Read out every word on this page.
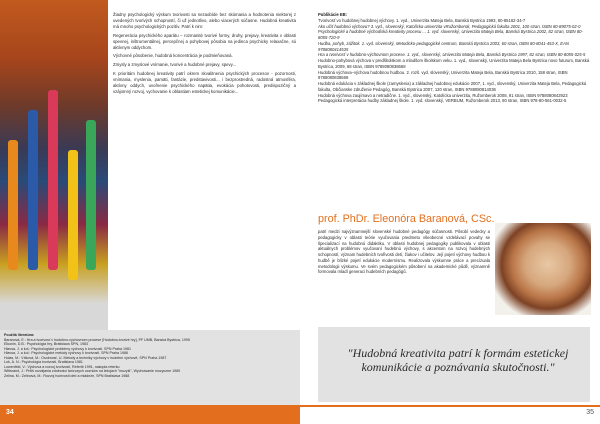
Žiadny psychologický výskum tvorivosti sa nezaobíde bez skúmania a hodnotenia niektorej z uvedených tvorivých schopností, či už jednotlivo, alebo viacerých súčasne. Hudobná kreativita má mnoho psychologických pozitív. Patrí k nim:

Regenerácia psychického aparátu – rozmanité tvorivé formy, druhy, prejavy, kreativita v oblasti spevnej, inštrumentálnej, percepčnej a pohybovej pôsobia na jedinca psychicky relaxačne, sú aktívnym oddychom.

Výchovné pôsobenie, hudobná koncentrácia je podmieňovaná.

Zmysly a zmyslové vnímanie, tvorivé a hudobné prejavy, spevy...

K prioritám hudobnej kreativity patrí okrem skvalitnenia psychických procesov - pozornosti, vnímania, myslenia, pamäti, fantázie, predstavivosti... i bezprostredná, radostná atmosféra, aktívny oddych, uvoľnenie psychického napätia, evokácia pohotovosti, predispozičný a vzájomný rozvoj, vychovanie k oblastiam estetickej komunikácie...

Použitá literatúra:
Baranová, E.: Hra a tvorivosť v hudobno-výchovnom procese [Hudobno-tvorivé hry], PF UMB, Banská Bystrica, 1995
Elkonin, D.B.: Psychológia hry, Bratislava SPN, 1983
Hlavsa, J. a kol.: Psychologické problémy výchovy k tvorivosti. SPN Praha 1981
Hlavsa, J. a kol.: Psychologické metódy výchovy k tvorivosti. SPN Praha 1986
Holas, M.: Vítková, M.: Osobnosť, U. Metody a techniky výchovy v hudební výchově, SPN Praha 1987
Luk, A. N.: Psychológia tvorivosti, Bratislava 1981
Lowenfeld, V.: Výchova a rozvoj tvorivosti, Refertir 1991, nakopla reterku
Wittsrand, J.: Príliš rozwijania zdolności twórczych uczniów na lekcjach "muzyki", Wychowanie muzyczne 1989
Zelina, M.: Zelinová, M.: Rozvoj tvorivosti detí a mládeže, SPN Bratislava 1988
Publikácie EB:

Tvorivosť vo hudobnej hudobnej výchovy. 1. vyd., Univerzita Mateja Bela, Banská Bystrica 1993, 80-85162-34-7

Ako učiť hudobnú výchovu? 3. vyd., slovenský, Katolícka univerzita vRužomberok, Pedagogická fakulta 2001, 100 stran, ISBN 80-89075-02-0

Psychologické a hudobné východiská kreativity procesu ... 1. vyd. slovenský, Univerzita Mateja Bela, Banská Bystrica 2002, 82 stran, ISBN 80-8055-720-9

Hudba, pohyb, zážitok. 1. vyd. slovenský, Metodicko-pedagogické centrum, Banská Bystrica 2003, 60 stran, ISBN 80-8041-453-X, EAN 9788080414535

Hra a tvorivosť v hudobno-výchovnom procese. 1. vyd., slovenský, Univerzita Mateja Bela, Banská Bystrica 1997, 82 stran, ISBN 80-8055-025-5

Hudobno-pohybová výchova v predškolskom a mladšom školskom veku. 1. vyd., slovenský, Univerzita Mateja Bela Bystrica novo futurum, Banská Bystrica, 2009, 68 stran, ISBN 9788080838668

Hudobná výchova–výchova hudobnou hudbou. 2. rozš. vyd. slovenský, Univerzita Mateja Bela, Banská Bystrica 2010, 158 stran, ISBN 9788080838669

Hudobná edukácia v základnej škole (zamyslenia) a základnej hudobnej edukácie 2007, 1. vyd., slovenský, Univerzita Mateja Bela, Pedagogická fakulta, Občianske združenie Pedagóg, Banská Bystrica 2007, 120 stran, ISBN 9788080814036

Hudobná výchova zaujímavo a netradične. 1. vyd., slovenský, Katolícka univerzita, Ružomberok 2008, 91 stran, ISBN 9788080842923

Pedagogická interpretácia hudby základnej škole. 1. vyd. slovenský, VERBUM, Ružomberok 2013, 80 stran, ISBN 978-80-561-0032-5

prof. PhDr. Eleonóra Baranová, CSc.
patrí medzi najvýznamnejší slovenské hudobné pedagógy súčasnosti. Pôsobí vedecky a pedagogicky v oblasti teórie vyučovania predmetu všeobecné vzdelávací povahy se špecializací na hudobnú didaktiku. V oblasti hudobnej pedagogiky publikovala v oblasti aktuálnych problémov vyučovaní hudebnú výchovy, s akcentom na rozvoj hudebných schopností, význam hudebních tvořivosti detí, žiakov i učitelov. Její pojetí výchovy hudbou k hudbě je blízké pojetí edukácie modernísmu. Realizovala výskumne práce a precízuala metodologii výskumu. Ve svém pedagogickém působení na akademické půdě, významně formovala mladí generaci hudebních pedagógů.
"Hudobná kreativita patrí k formám estetickej komunikácie a poznávania skutočnosti."
34	35
